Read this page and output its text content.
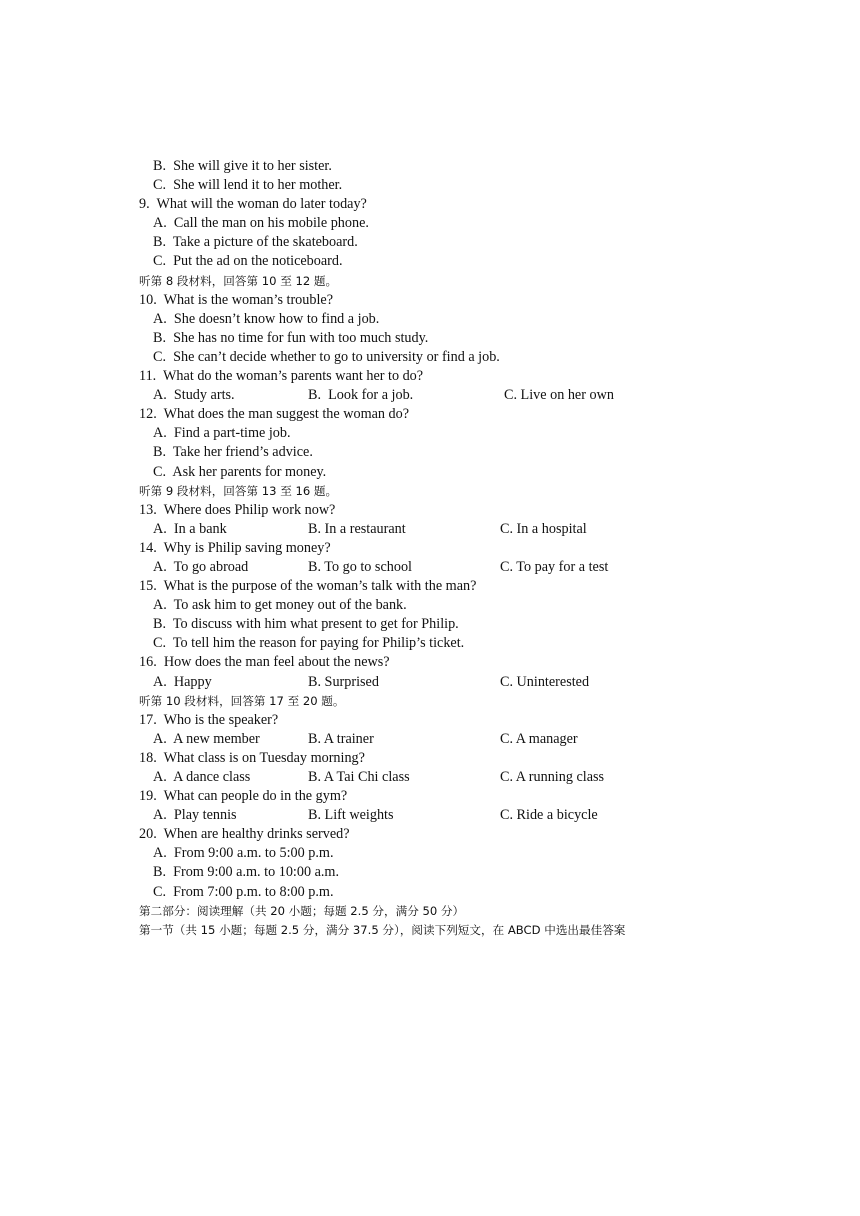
B.  She will give it to her sister.
C.  She will lend it to her mother.
9.  What will the woman do later today?
A.  Call the man on his mobile phone.
B.  Take a picture of the skateboard.
C.  Put the ad on the noticeboard.
听第 8 段材料，回答第 10 至 12 题。
10.  What is the woman’s trouble?
A.  She doesn’t know how to find a job.
B.  She has no time for fun with too much study.
C.  She can’t decide whether to go to university or find a job.
11.  What do the woman’s parents want her to do?

A.  Study arts.

	B.  Look for a job.

	C. Live on her own

12.  What does the man suggest the woman do?
A.  Find a part-time job.
B.  Take her friend’s advice.
C.  Ask her parents for money.
听第 9 段材料，回答第 13 至 16 题。
13.  Where does Philip work now?

A.  In a bank

	B. In a restaurant

	C. In a hospital

14.  Why is Philip saving money?

A.  To go abroad

	B. To go to school

	C. To pay for a test

15.  What is the purpose of the woman’s talk with the man?
A.  To ask him to get money out of the bank.
B.  To discuss with him what present to get for Philip.
C.  To tell him the reason for paying for Philip’s ticket.
16.  How does the man feel about the news?

A.  Happy

	B. Surprised

	C. Uninterested

听第 10 段材料，回答第 17 至 20 题。
17.  Who is the speaker?

A.  A new member

	B. A trainer

	C. A manager

18.  What class is on Tuesday morning?

A.  A dance class

	B. A Tai Chi class

	C. A running class

19.  What can people do in the gym?

A.  Play tennis

	B. Lift weights

	C. Ride a bicycle

20.  When are healthy drinks served?
A.  From 9:00 a.m. to 5:00 p.m.
B.  From 9:00 a.m. to 10:00 a.m.
C.  From 7:00 p.m. to 8:00 p.m.
第二部分：阅读理解（共 20 小题；每题 2.5 分，满分 50 分）
第一节（共 15 小题；每题 2.5 分，满分 37.5 分），阅读下列短文，在 ABCD 中选出最佳答案
